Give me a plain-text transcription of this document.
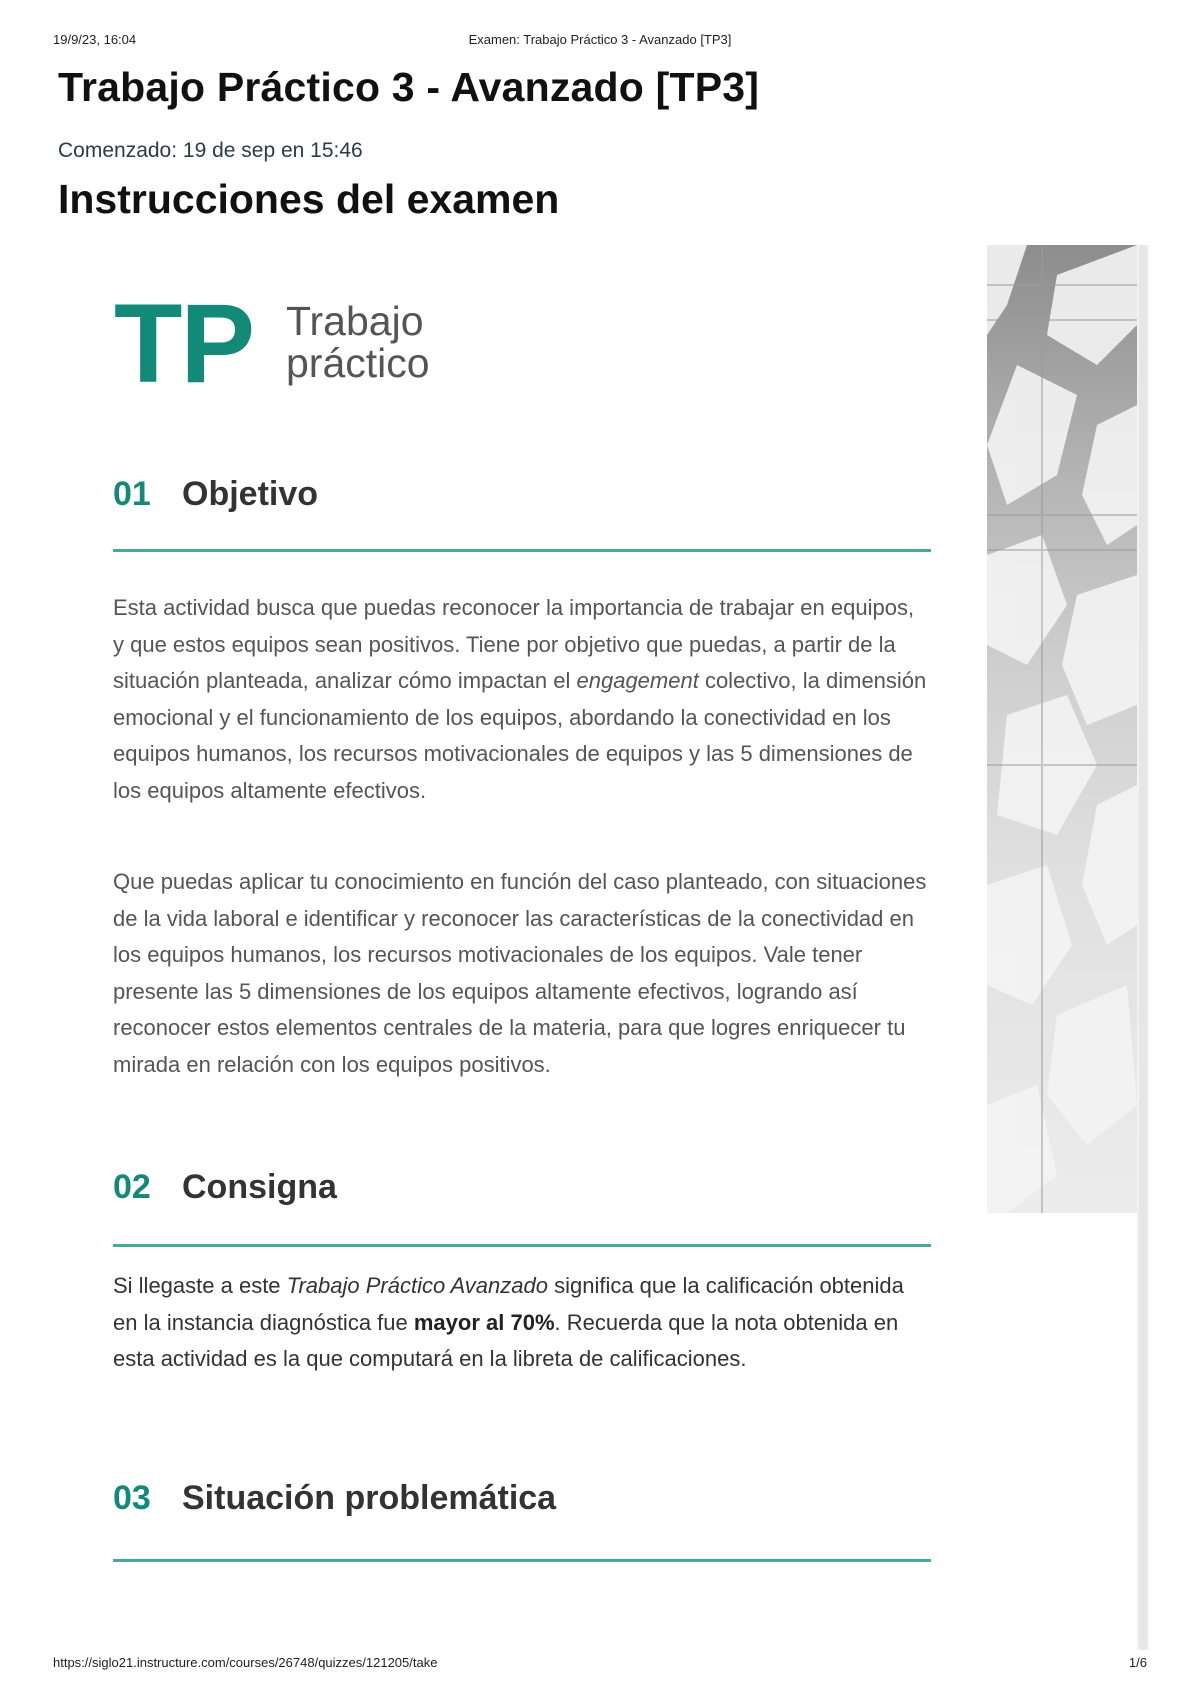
19/9/23, 16:04	Examen: Trabajo Práctico 3 - Avanzado [TP3]
Trabajo Práctico 3 - Avanzado [TP3]
Comenzado: 19 de sep en 15:46
Instrucciones del examen
TP Trabajo
práctico
01 Objetivo

Esta actividad busca que puedas reconocer la importancia de trabajar en equipos, y que estos equipos sean positivos. Tiene por objetivo que puedas, a partir de la situación planteada, analizar cómo impactan el engagement colectivo, la dimensión emocional y el funcionamiento de los equipos, abordando la conectividad en los equipos humanos, los recursos motivacionales de equipos y las 5 dimensiones de los equipos altamente efectivos.

Que puedas aplicar tu conocimiento en función del caso planteado, con situaciones de la vida laboral e identificar y reconocer las características de la conectividad en los equipos humanos, los recursos motivacionales de los equipos. Vale tener presente las 5 dimensiones de los equipos altamente efectivos, logrando así reconocer estos elementos centrales de la materia, para que logres enriquecer tu mirada en relación con los equipos positivos.

02 Consigna

Si llegaste a este Trabajo Práctico Avanzado significa que la calificación obtenida en la instancia diagnóstica fue mayor al 70%. Recuerda que la nota obtenida en esta actividad es la que computará en la libreta de calificaciones.

03 Situación problemática
https://siglo21.instructure.com/courses/26748/quizzes/121205/take	1/6
